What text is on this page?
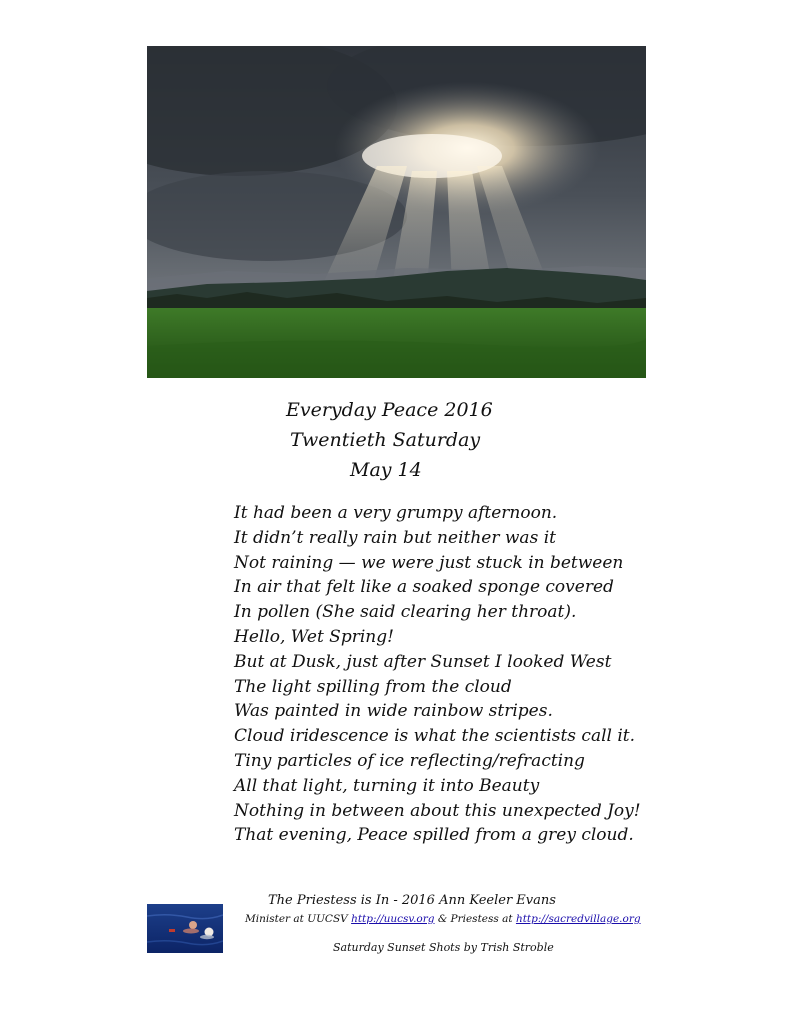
Everyday Peace 2016
Twentieth Saturday
May 14
It had been a very grumpy afternoon.
It didn’t really rain but neither was it
Not raining — we were just stuck in between
In air that felt like a soaked sponge covered
In pollen (She said clearing her throat).
Hello, Wet Spring!
But at Dusk, just after Sunset I looked West
The light spilling from the cloud
Was painted in wide rainbow stripes.
Cloud iridescence is what the scientists call it.
Tiny particles of ice reflecting/refracting
All that light, turning it into Beauty
Nothing in between about this unexpected Joy!
That evening, Peace spilled from a grey cloud.
The Priestess is In - 2016 Ann Keeler Evans
Minister at UUCSV http://uucsv.org & Priestess at http://sacredvillage.org
Saturday Sunset Shots by Trish Stroble
